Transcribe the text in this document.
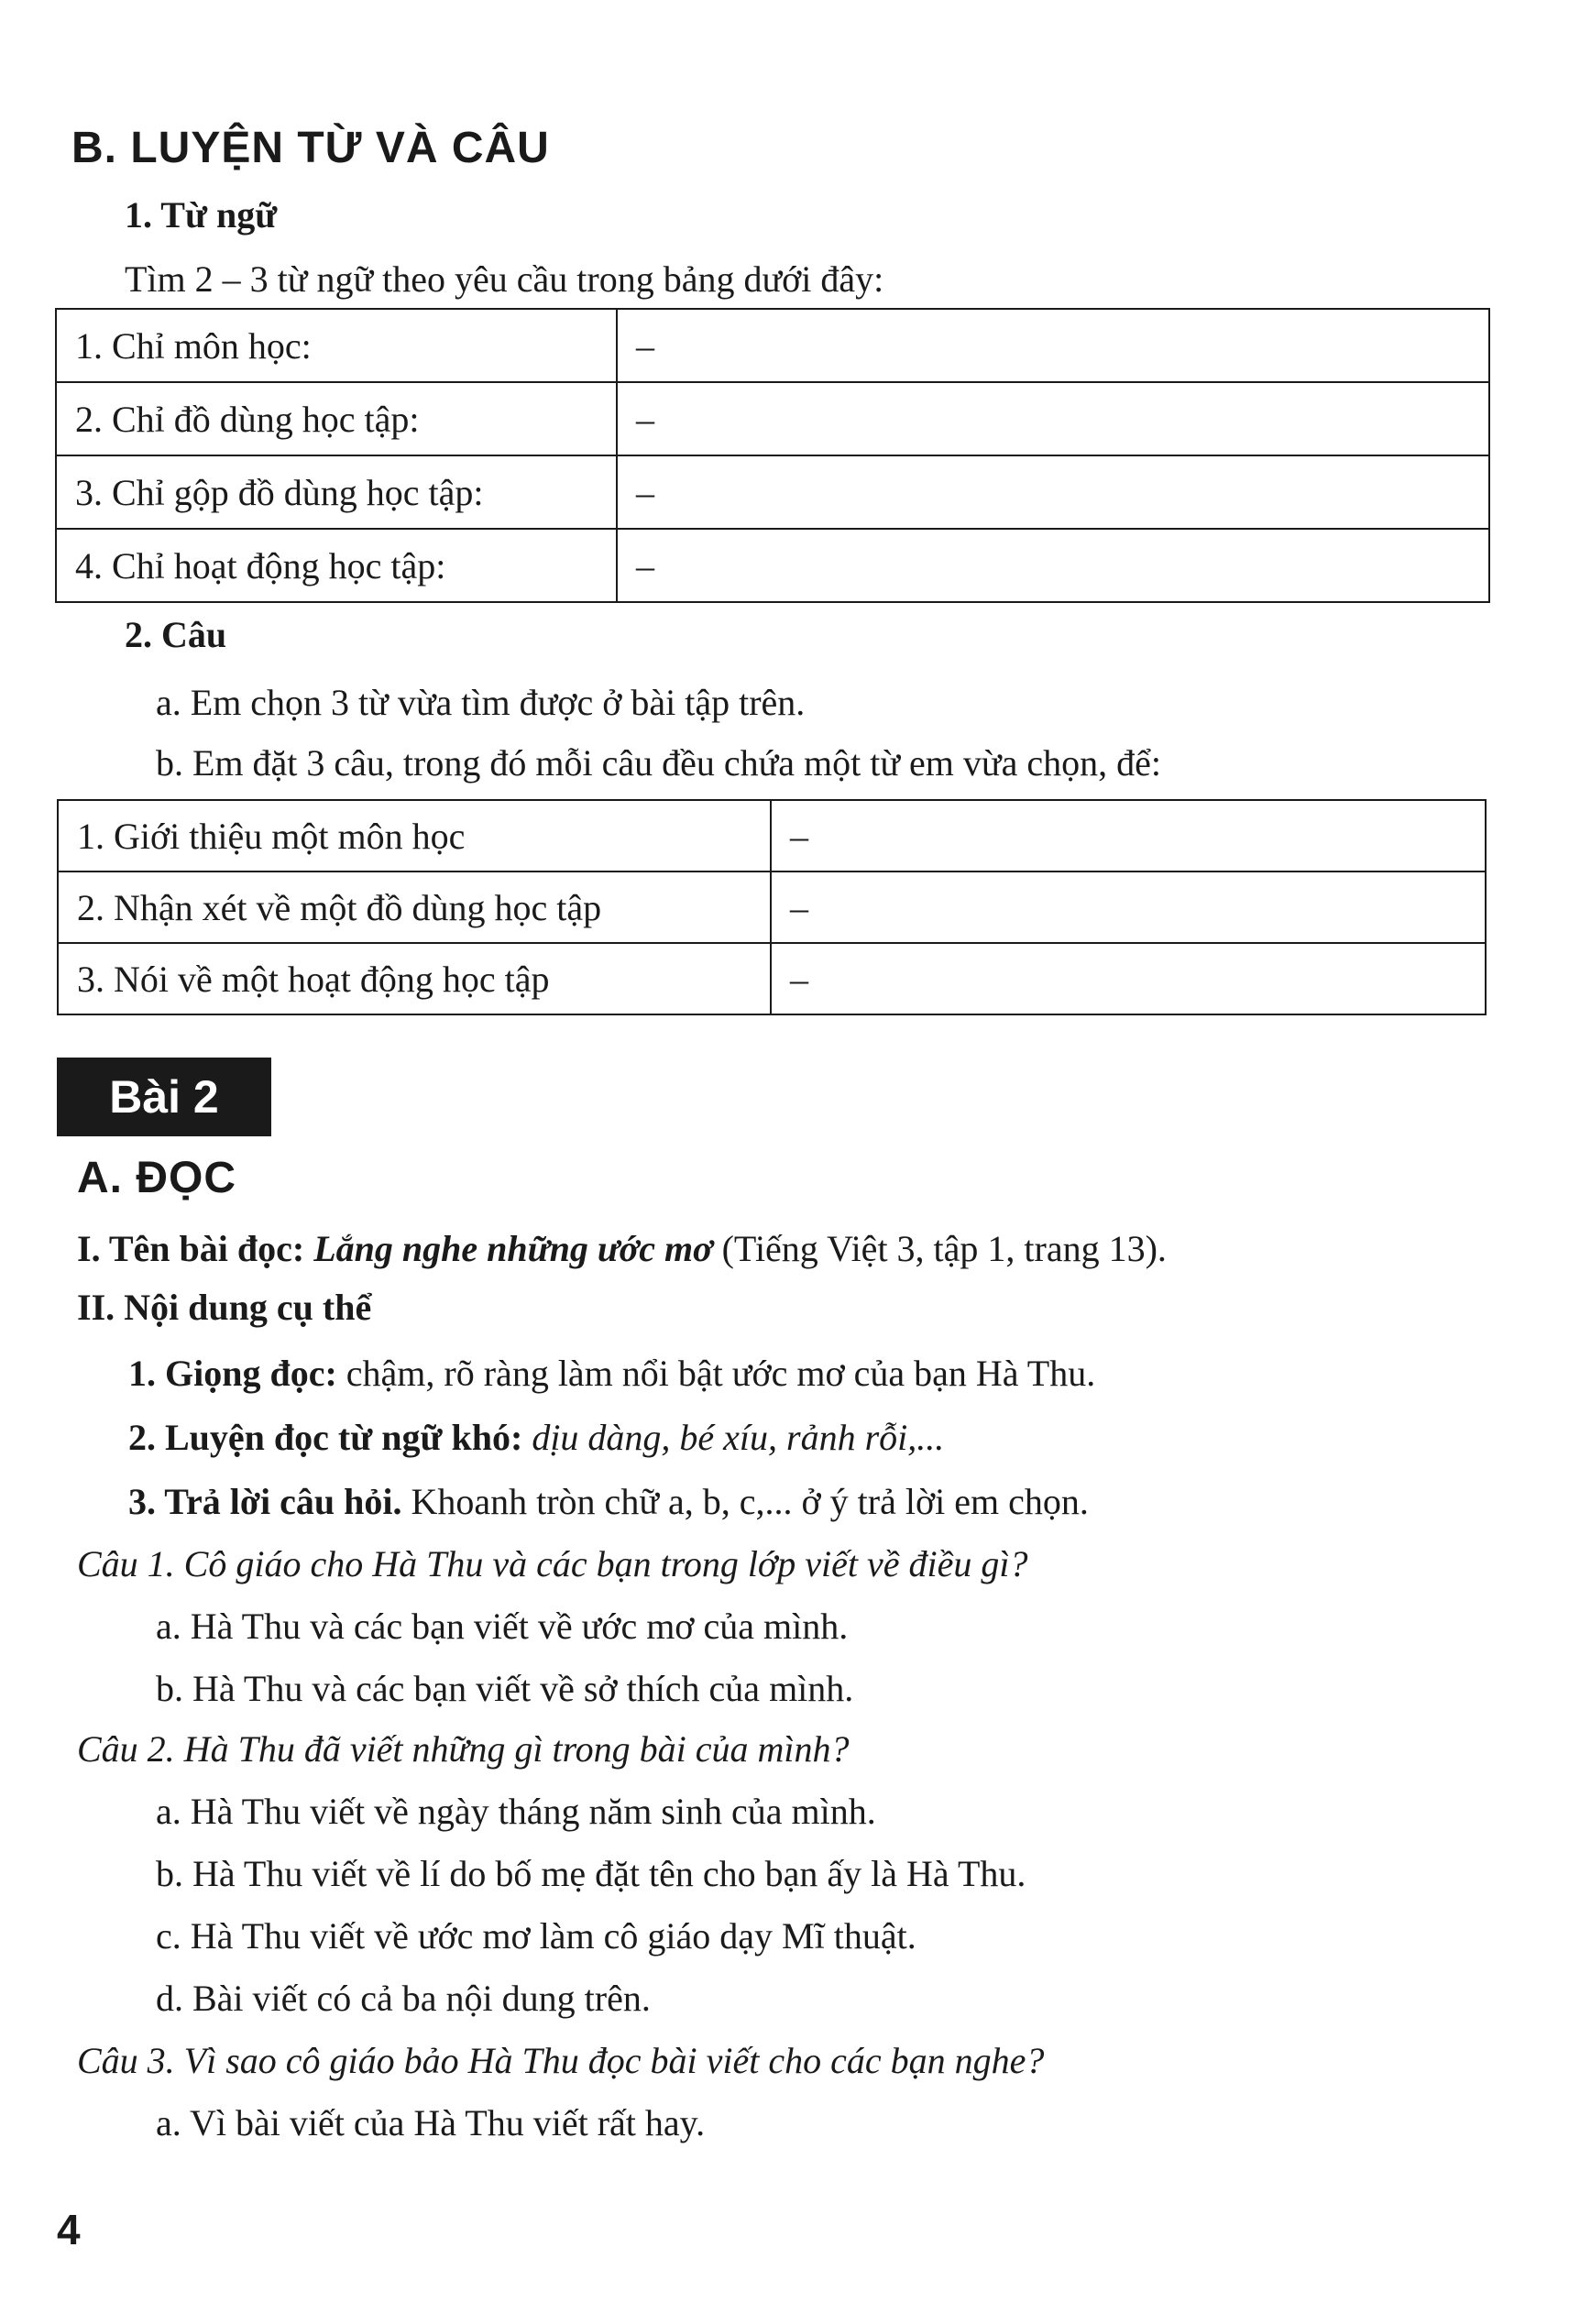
B. LUYỆN TỪ VÀ CÂU
1. Từ ngữ
Tìm 2 – 3 từ ngữ theo yêu cầu trong bảng dưới đây:
1. Chỉ môn học:	–
2. Chỉ đồ dùng học tập:	–
3. Chỉ gộp đồ dùng học tập:	–
4. Chỉ hoạt động học tập:	–
2. Câu
a. Em chọn 3 từ vừa tìm được ở bài tập trên.
b. Em đặt 3 câu, trong đó mỗi câu đều chứa một từ em vừa chọn, để:
1. Giới thiệu một môn học	–
2. Nhận xét về một đồ dùng học tập	–
3. Nói về một hoạt động học tập	–
Bài 2
A. ĐỌC
I. Tên bài đọc: Lắng nghe những ước mơ (Tiếng Việt 3, tập 1, trang 13).
II. Nội dung cụ thể
1. Giọng đọc: chậm, rõ ràng làm nổi bật ước mơ của bạn Hà Thu.
2. Luyện đọc từ ngữ khó: dịu dàng, bé xíu, rảnh rỗi,...
3. Trả lời câu hỏi. Khoanh tròn chữ a, b, c,... ở ý trả lời em chọn.
Câu 1. Cô giáo cho Hà Thu và các bạn trong lớp viết về điều gì?
a. Hà Thu và các bạn viết về ước mơ của mình.
b. Hà Thu và các bạn viết về sở thích của mình.
Câu 2. Hà Thu đã viết những gì trong bài của mình?
a. Hà Thu viết về ngày tháng năm sinh của mình.
b. Hà Thu viết về lí do bố mẹ đặt tên cho bạn ấy là Hà Thu.
c. Hà Thu viết về ước mơ làm cô giáo dạy Mĩ thuật.
d. Bài viết có cả ba nội dung trên.
Câu 3. Vì sao cô giáo bảo Hà Thu đọc bài viết cho các bạn nghe?
a. Vì bài viết của Hà Thu viết rất hay.
4
